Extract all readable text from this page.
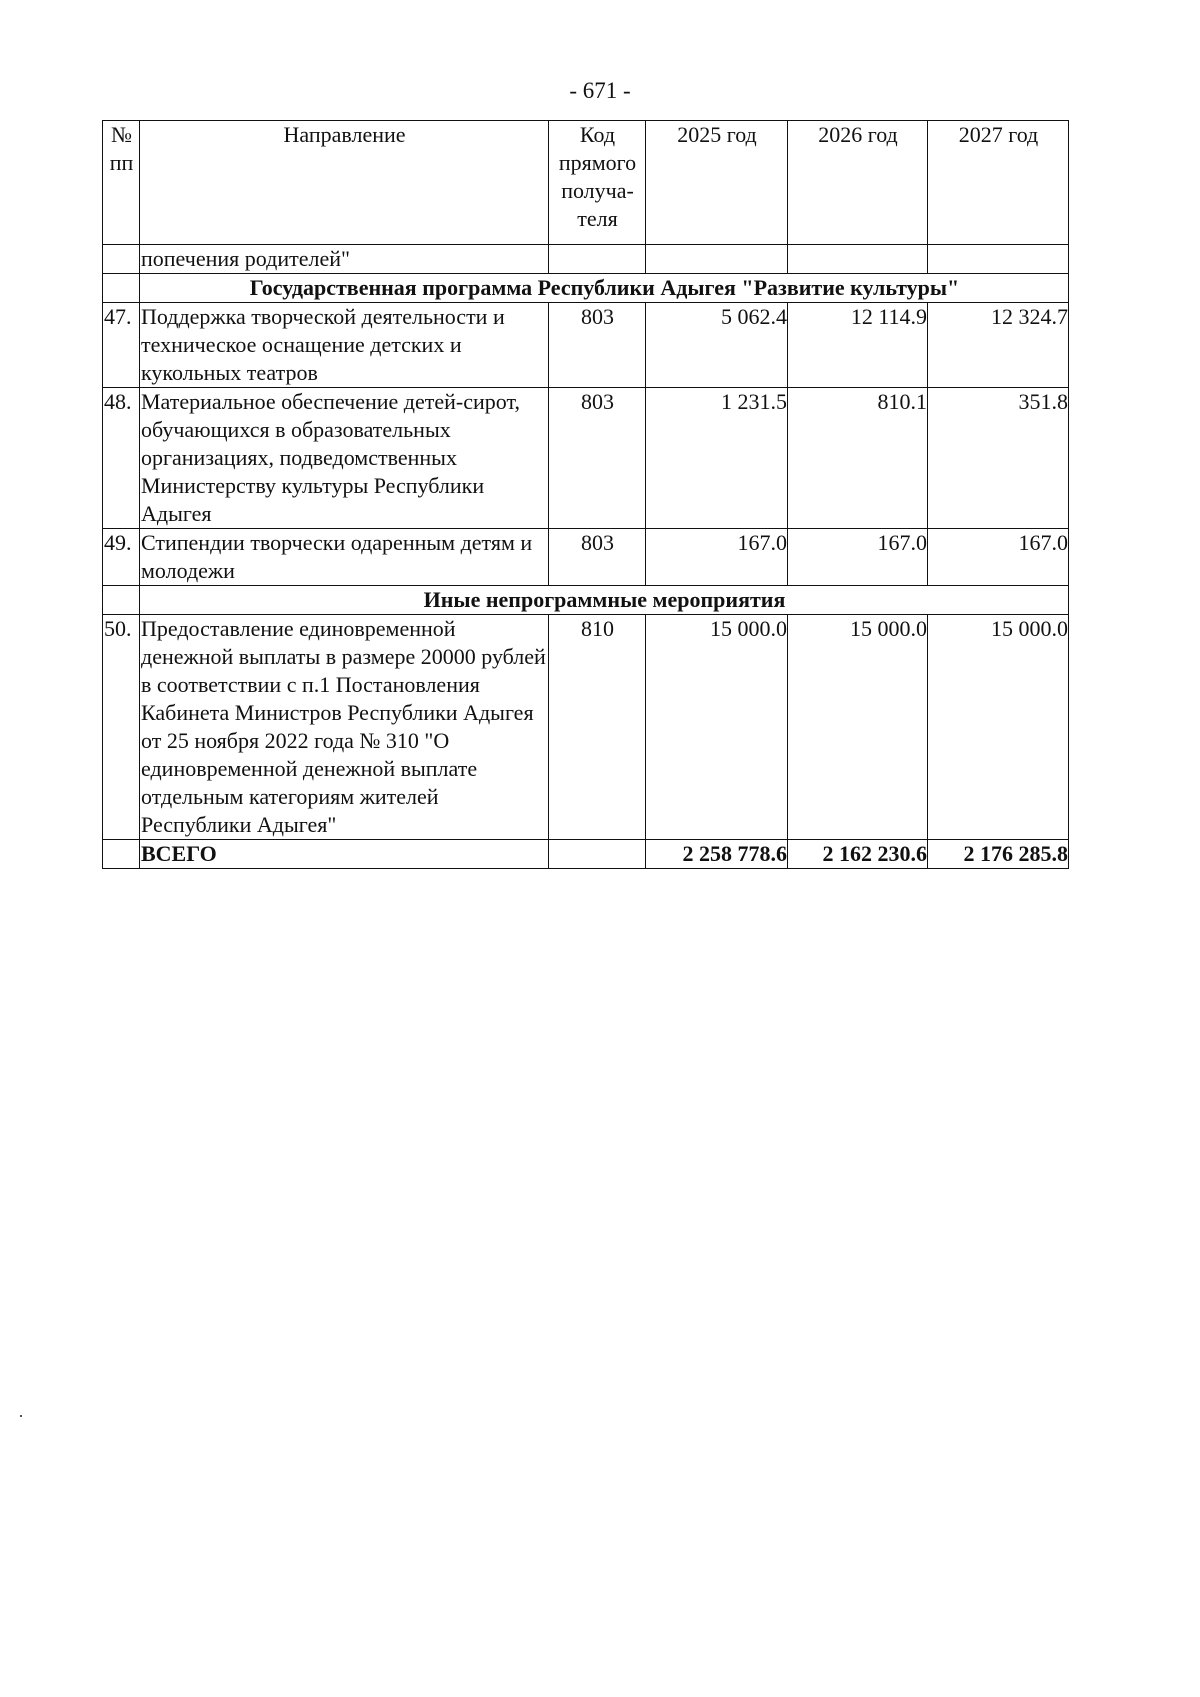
- 671 -
№ пп	Направление	Код прямого получа-теля	2025 год	2026 год	2027 год
	попечения родителей"				
	Государственная программа Республики Адыгея "Развитие культуры"				
47.	Поддержка творческой деятельности и техническое оснащение детских и кукольных театров	803	5 062.4	12 114.9	12 324.7
48.	Материальное обеспечение детей-сирот, обучающихся в образовательных организациях, подведомственных Министерству культуры Республики Адыгея	803	1 231.5	810.1	351.8
49.	Стипендии творчески одаренным детям и молодежи	803	167.0	167.0	167.0
	Иные непрограммные мероприятия				
50.	Предоставление единовременной денежной выплаты в размере 20000 рублей в соответствии с п.1 Постановления Кабинета Министров Республики Адыгея от 25 ноября 2022 года № 310 "О единовременной денежной выплате отдельным категориям жителей Республики Адыгея"	810	15 000.0	15 000.0	15 000.0
	ВСЕГО		2 258 778.6	2 162 230.6	2 176 285.8
